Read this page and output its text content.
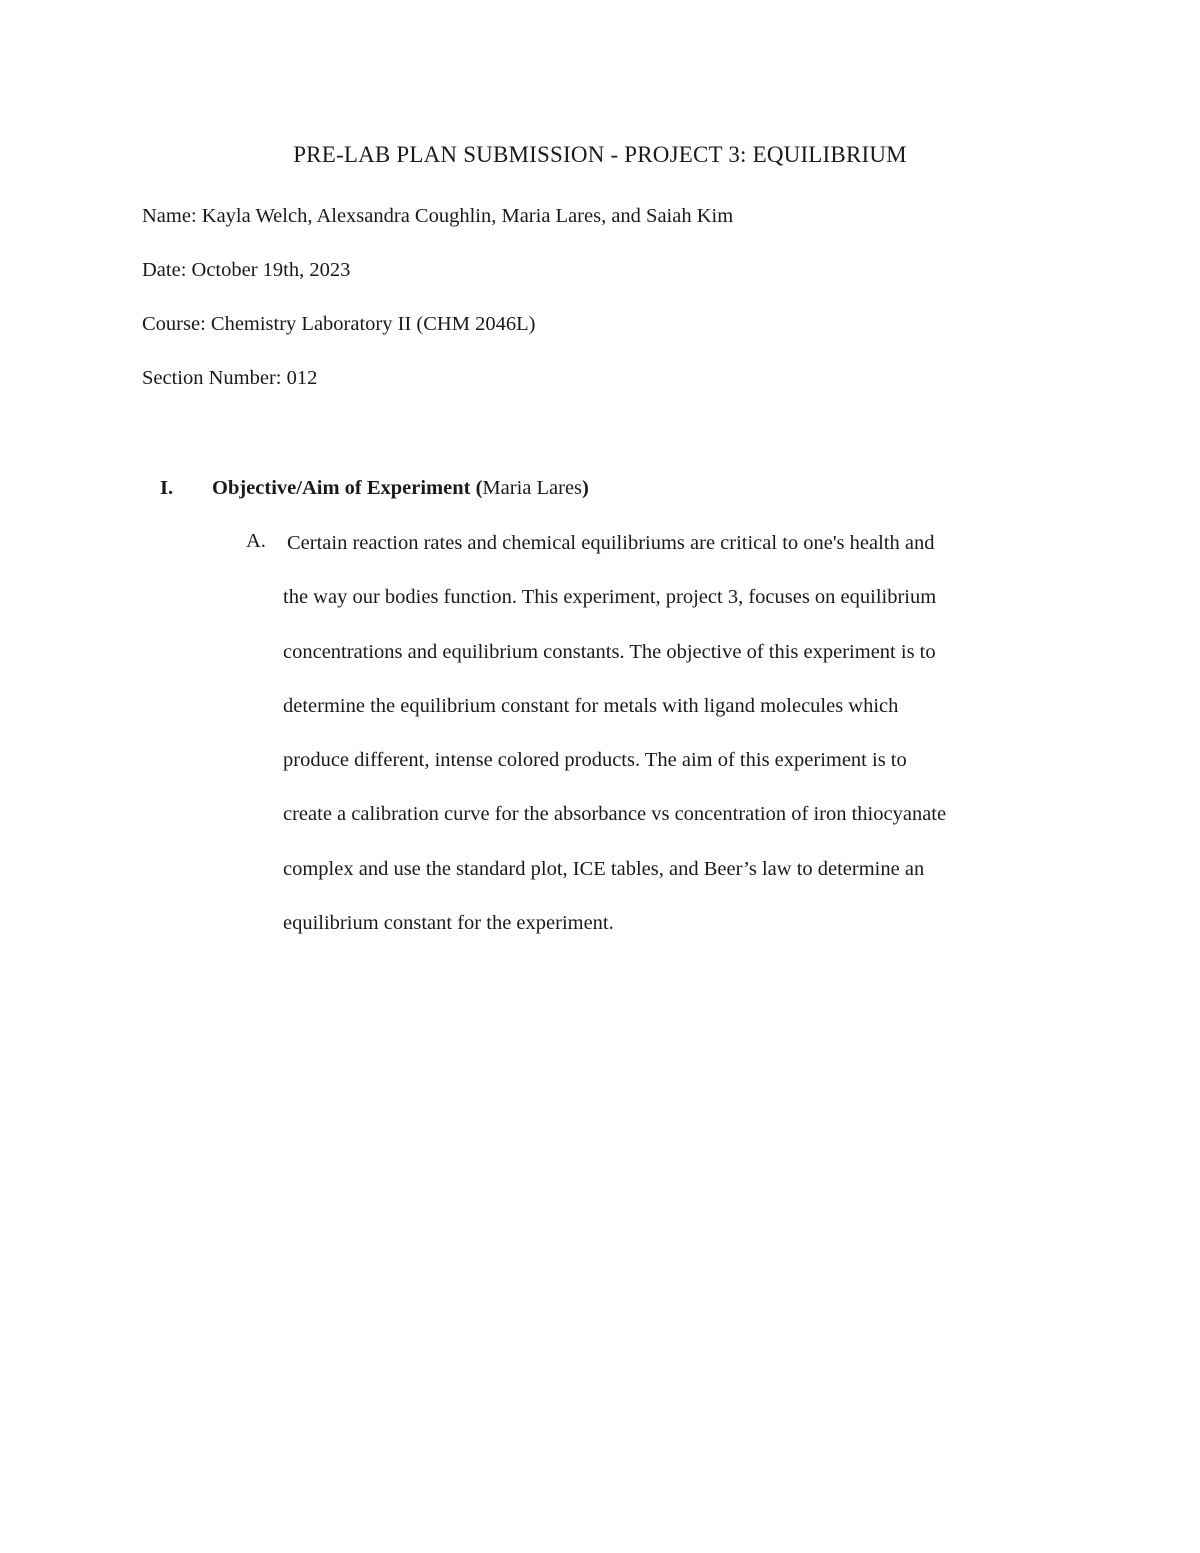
PRE-LAB PLAN SUBMISSION - PROJECT 3: EQUILIBRIUM

Name: Kayla Welch, Alexsandra Coughlin, Maria Lares, and Saiah Kim

Date: October 19th, 2023

Course: Chemistry Laboratory II (CHM 2046L)

Section Number: 012

I. Objective/Aim of Experiment (Maria Lares)

A. Certain reaction rates and chemical equilibriums are critical to one's health and
the way our bodies function. This experiment, project 3, focuses on equilibrium
concentrations and equilibrium constants. The objective of this experiment is to
determine the equilibrium constant for metals with ligand molecules which
produce different, intense colored products. The aim of this experiment is to
create a calibration curve for the absorbance vs concentration of iron thiocyanate
complex and use the standard plot, ICE tables, and Beer’s law to determine an
equilibrium constant for the experiment.
